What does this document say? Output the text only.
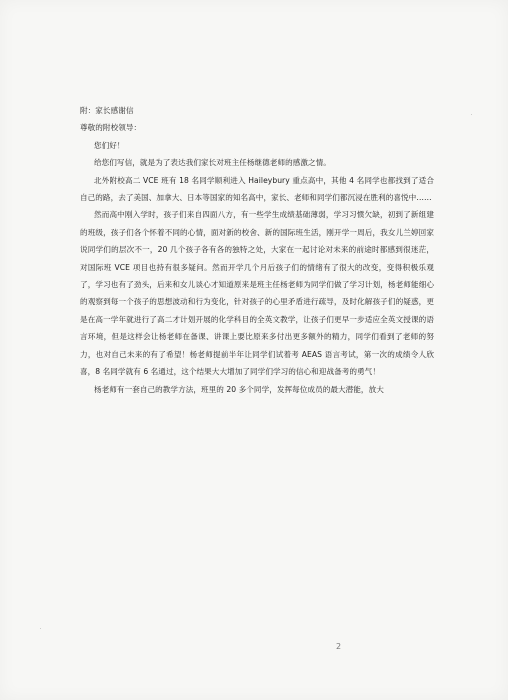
附：家长感谢信

尊敬的附校领导：

您们好！

给您们写信，就是为了表达我们家长对班主任杨继德老师的感激之情。

北外附校高二 VCE 班有 18 名同学顺利进入 Haileybury 重点高中，其他 4 名同学也都找到了适合自己的路，去了美国、加拿大、日本等国家的知名高中，家长、老师和同学们都沉浸在胜利的喜悦中……

然而高中刚入学时，孩子们来自四面八方，有一些学生成绩基础薄弱，学习习惯欠缺，初到了新组建的班级，孩子们各个怀着不同的心情，面对新的校舍、新的国际班生活，刚开学一周后，我女儿兰婷回家说同学们的层次不一，20 几个孩子各有各的独特之处，大家在一起讨论对未来的前途时都感到很迷茫，对国际班 VCE 项目也持有很多疑问。然而开学几个月后孩子们的情绪有了很大的改变，变得积极乐观了，学习也有了劲头，后来和女儿谈心才知道原来是班主任杨老师为同学们做了学习计划，杨老师能细心的观察到每一个孩子的思想波动和行为变化，针对孩子的心里矛盾进行疏导，及时化解孩子们的疑惑，更是在高一学年就进行了高二才计划开展的化学科目的全英文教学，让孩子们更早一步适应全英文授课的语言环境，但是这样会让杨老师在备课、讲课上要比原来多付出更多额外的精力，同学们看到了老师的努力，也对自己未来的有了希望！杨老师提前半年让同学们试着考 AEAS 语言考试，第一次的成绩令人欣喜，8 名同学就有 6 名通过，这个结果大大增加了同学们学习的信心和迎战备考的勇气！

杨老师有一套自己的教学方法，班里的 20 多个同学，发挥每位成员的最大潜能，放大

2
